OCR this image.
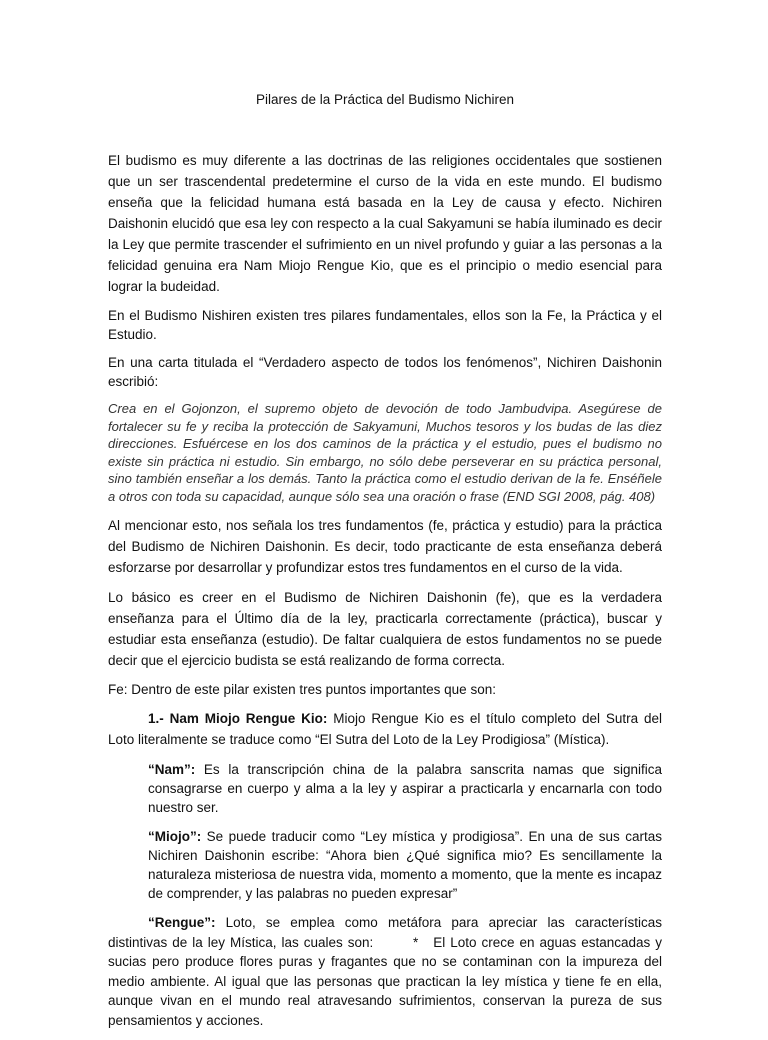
Pilares de la Práctica del Budismo Nichiren

El budismo es muy diferente a las doctrinas de las religiones occidentales que sostienen que un ser trascendental predetermine el curso de la vida en este mundo. El budismo enseña que la felicidad humana está basada en la Ley de causa y efecto. Nichiren Daishonin elucidó que esa ley con respecto a la cual Sakyamuni se había iluminado es decir la Ley que permite trascender el sufrimiento en un nivel profundo y guiar a las personas a la felicidad genuina era Nam Miojo Rengue Kio, que es el principio o medio esencial para lograr la budeidad.

En el Budismo Nishiren existen tres pilares fundamentales, ellos son la Fe, la Práctica y el Estudio.

En una carta titulada el “Verdadero aspecto de todos los fenómenos”, Nichiren Daishonin escribió:

Crea en el Gojonzon, el supremo objeto de devoción de todo Jambudvipa. Asegúrese de fortalecer su fe y reciba la protección de Sakyamuni, Muchos tesoros y los budas de las diez direcciones. Esfuércese en los dos caminos de la práctica y el estudio, pues el budismo no existe sin práctica ni estudio. Sin embargo, no sólo debe perseverar en su práctica personal, sino también enseñar a los demás. Tanto la práctica como el estudio derivan de la fe. Enséñele a otros con toda su capacidad, aunque sólo sea una oración o frase (END SGI 2008, pág. 408)

Al mencionar esto, nos señala los tres fundamentos (fe, práctica y estudio) para la práctica del Budismo de Nichiren Daishonin. Es decir, todo practicante de esta enseñanza deberá esforzarse por desarrollar y profundizar estos tres fundamentos en el curso de la vida.

Lo básico es creer en el Budismo de Nichiren Daishonin (fe), que es la verdadera enseñanza para el Último día de la ley, practicarla correctamente (práctica), buscar y estudiar esta enseñanza (estudio). De faltar cualquiera de estos fundamentos no se puede decir que el ejercicio budista se está realizando de forma correcta.

Fe: Dentro de este pilar existen tres puntos importantes que son:

1.- Nam Miojo Rengue Kio: Miojo Rengue Kio es el título completo del Sutra del Loto literalmente se traduce como “El Sutra del Loto de la Ley Prodigiosa” (Mística).

“Nam”: Es la transcripción china de la palabra sanscrita namas que significa consagrarse en cuerpo y alma a la ley y aspirar a practicarla y encarnarla con todo nuestro ser.

“Miojo”: Se puede traducir como “Ley mística y prodigiosa”. En una de sus cartas Nichiren Daishonin escribe: “Ahora bien ¿Qué significa mio? Es sencillamente la naturaleza misteriosa de nuestra vida, momento a momento, que la mente es incapaz de comprender, y las palabras no pueden expresar”

“Rengue”: Loto, se emplea como metáfora para apreciar las características distintivas de la ley Mística, las cuales son:        *   El Loto crece en aguas estancadas y sucias pero produce flores puras y fragantes que no se contaminan con la impureza del medio ambiente. Al igual que las personas que practican la ley mística y tiene fe en ella, aunque vivan en el mundo real atravesando sufrimientos, conservan la pureza de sus pensamientos y acciones.
